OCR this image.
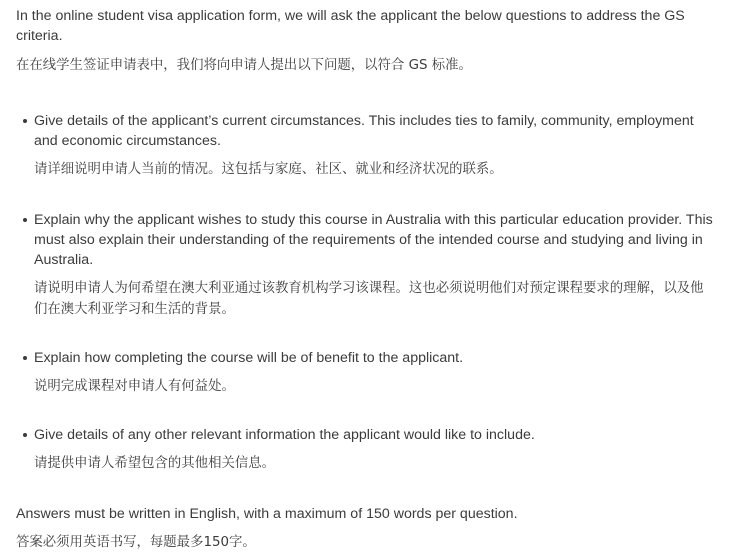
In the online student visa application form, we will ask the applicant the below questions to address the GS criteria.

在在线学生签证申请表中，我们将向申请人提出以下问题，以符合 GS 标准。

Give details of the applicant’s current circumstances. This includes ties to family, community, employment and economic circumstances.

请详细说明申请人当前的情况。这包括与家庭、社区、就业和经济状况的联系。

Explain why the applicant wishes to study this course in Australia with this particular education provider. This must also explain their understanding of the requirements of the intended course and studying and living in Australia.

请说明申请人为何希望在澳大利亚通过该教育机构学习该课程。这也必须说明他们对预定课程要求的理解，以及他们在澳大利亚学习和生活的背景。

Explain how completing the course will be of benefit to the applicant.

说明完成课程对申请人有何益处。

Give details of any other relevant information the applicant would like to include.

请提供申请人希望包含的其他相关信息。

Answers must be written in English, with a maximum of 150 words per question.

答案必须用英语书写，每题最多150字。
